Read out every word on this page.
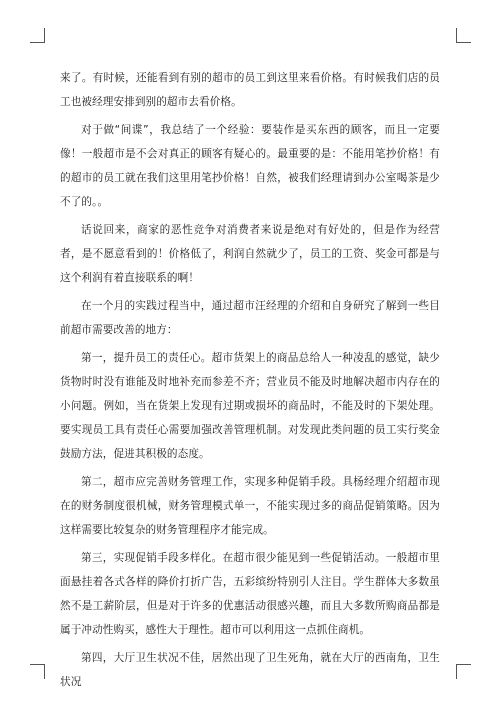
来了。有时候，还能看到有别的超市的员工到这里来看价格。有时候我们店的员工也被经理安排到别的超市去看价格。

对于做“间谍”，我总结了一个经验：要装作是买东西的顾客，而且一定要像！一般超市是不会对真正的顾客有疑心的。最重要的是：不能用笔抄价格！有的超市的员工就在我们这里用笔抄价格！自然，被我们经理请到办公室喝茶是少不了的。。

话说回来，商家的恶性竞争对消费者来说是绝对有好处的，但是作为经营者，是不愿意看到的！价格低了，利润自然就少了，员工的工资、奖金可都是与这个利润有着直接联系的啊！

在一个月的实践过程当中，通过超市汪经理的介绍和自身研究了解到一些目前超市需要改善的地方：

第一，提升员工的责任心。超市货架上的商品总给人一种凌乱的感觉，缺少货物时时没有谁能及时地补充而参差不齐；营业员不能及时地解决超市内存在的小问题。例如，当在货架上发现有过期或损坏的商品时，不能及时的下架处理。要实现员工具有责任心需要加强改善管理机制。对发现此类问题的员工实行奖金鼓励方法，促进其积极的态度。

第二，超市应完善财务管理工作，实现多种促销手段。具杨经理介绍超市现在的财务制度很机械，财务管理模式单一，不能实现过多的商品促销策略。因为这样需要比较复杂的财务管理程序才能完成。

第三，实现促销手段多样化。在超市很少能见到一些促销活动。一般超市里面悬挂着各式各样的降价打折广告，五彩缤纷特别引人注目。学生群体大多数虽然不是工薪阶层，但是对于许多的优惠活动很感兴趣，而且大多数所购商品都是属于冲动性购买，感性大于理性。超市可以利用这一点抓住商机。

第四，大厅卫生状况不佳，居然出现了卫生死角，就在大厅的西南角，卫生状况
